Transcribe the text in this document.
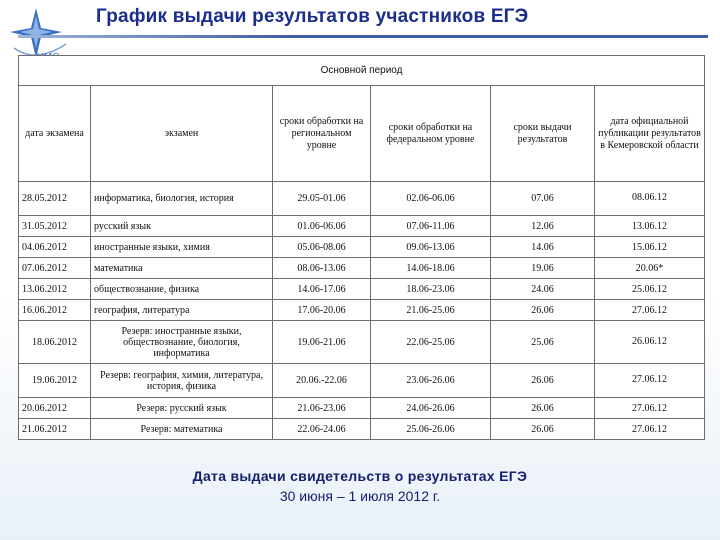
График выдачи результатов участников ЕГЭ
Основной период					
дата экзамена	экзамен	сроки обработки на региональном уровне	сроки обработки на федеральном уровне	сроки выдачи результатов	дата официальной публикации результатов в Кемеровской области
28.05.2012	информатика, биология, история	29.05-01.06	02.06-06.06	07.06	08.06.12
31.05.2012	русский язык	01.06-06.06	07.06-11.06	12.06	13.06.12
04.06.2012	иностранные языки, химия	05.06-08.06	09.06-13.06	14.06	15.06.12
07.06.2012	математика	08.06-13.06	14.06-18.06	19.06	20.06*
13.06.2012	обществознание, физика	14.06-17.06	18.06-23.06	24.06	25.06.12
16.06.2012	география, литература	17.06-20.06	21.06-25.06	26.06	27.06.12
18.06.2012	Резерв: иностранные языки, обществознание, биология, информатика	19.06-21.06	22.06-25.06	25.06	26.06.12
19.06.2012	Резерв: география, химия, литература, история, физика	20.06.-22.06	23.06-26.06	26.06	27.06.12
20.06.2012	Резерв: русский язык	21.06-23.06	24.06-26.06	26.06	27.06.12
21.06.2012	Резерв: математика	22.06-24.06	25.06-26.06	26.06	27.06.12
Дата выдачи свидетельств о результатах ЕГЭ
30 июня – 1 июля 2012 г.
